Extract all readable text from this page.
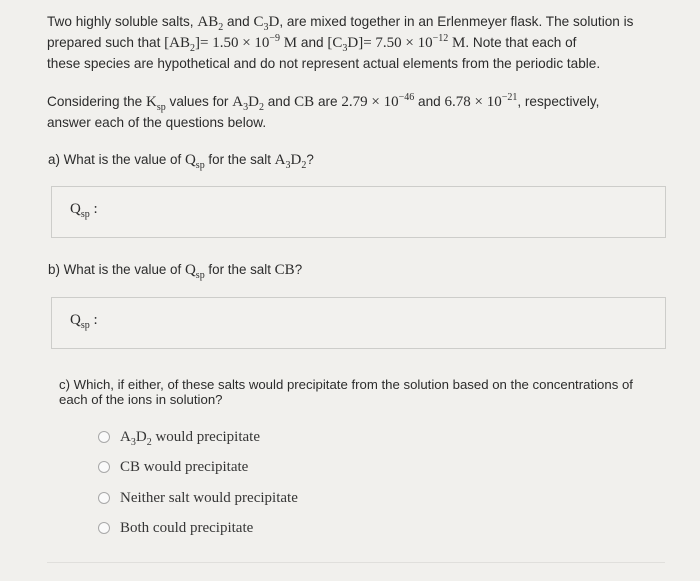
Two highly soluble salts, $AB_2$ and $C_3D$, are mixed together in an Erlenmeyer flask. The solution is
prepared such that $[AB_2]= 1.50 \times 10^{-9}$ M and $[C_3D]= 7.50 \times 10^{-12}$ M. Note that each of
these species are hypothetical and do not represent actual elements from the periodic table.
Considering the $K_{sp}$ values for $A_3D_2$ and CB are $2.79 \times 10^{-46}$ and $6.78 \times 10^{-21}$, respectively,
answer each of the questions below.
a) What is the value of $Q_{sp}$ for the salt $A_3D_2$?
$Q_{sp}$ :
b) What is the value of $Q_{sp}$ for the salt CB?
$Q_{sp}$ :
c) Which, if either, of these salts would precipitate from the solution based on the concentrations of
each of the ions in solution?
$A_3D_2$ would precipitate
CB would precipitate
Neither salt would precipitate
Both could precipitate
